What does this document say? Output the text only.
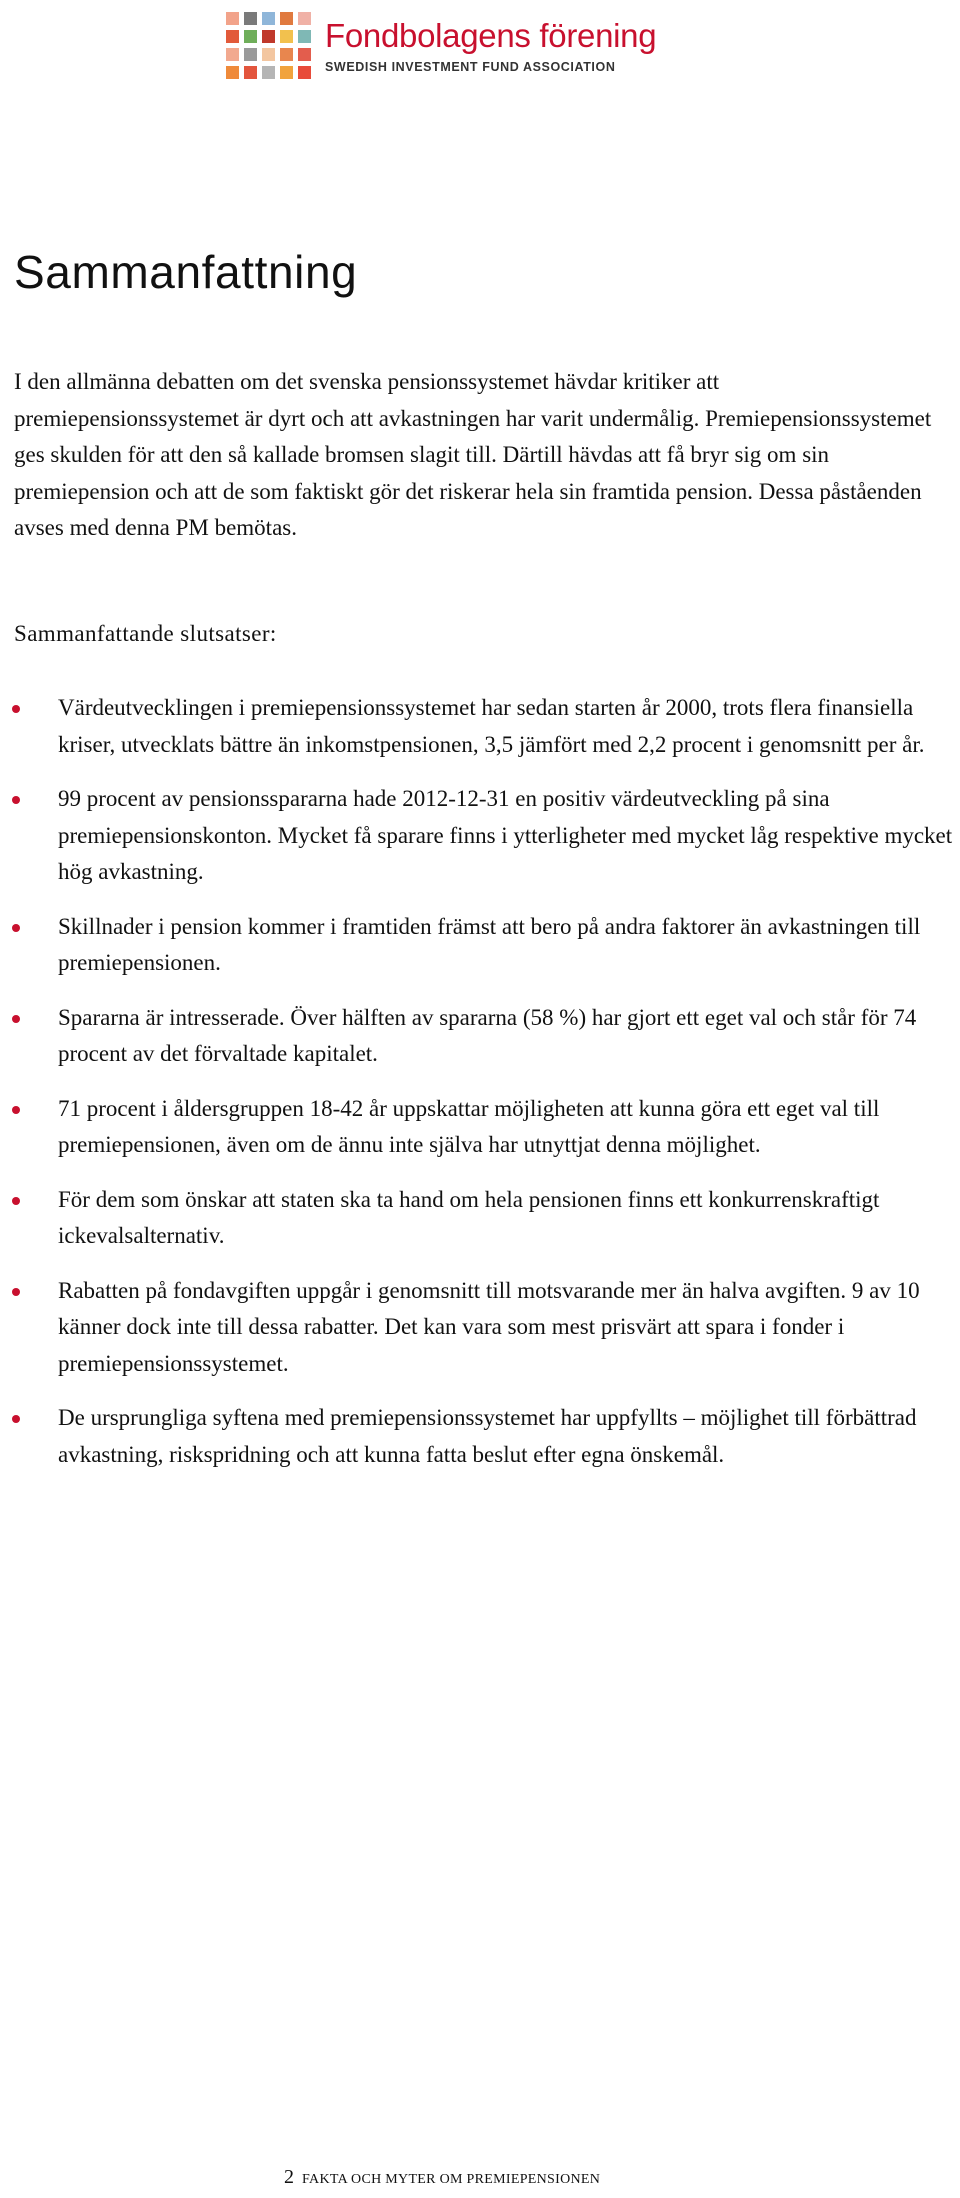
Fondbolagens förening
SWEDISH INVESTMENT FUND ASSOCIATION
Sammanfattning

I den allmänna debatten om det svenska pensionssystemet hävdar kritiker att premiepensionssystemet är dyrt och att avkastningen har varit undermålig. Premiepensionssystemet ges skulden för att den så kallade bromsen slagit till. Därtill hävdas att få bryr sig om sin premiepension och att de som faktiskt gör det riskerar hela sin framtida pension. Dessa påståenden avses med denna PM bemötas.

Sammanfattande slutsatser:

Värdeutvecklingen i premiepensionssystemet har sedan starten år 2000, trots flera finansiella kriser, utvecklats bättre än inkomstpensionen, 3,5 jämfört med 2,2 procent i genomsnitt per år.
99 procent av pensionsspararna hade 2012-12-31 en positiv värdeutveckling på sina premiepensionskonton. Mycket få sparare finns i ytterligheter med mycket låg respektive mycket hög avkastning.
Skillnader i pension kommer i framtiden främst att bero på andra faktorer än avkastningen till premiepensionen.
Spararna är intresserade. Över hälften av spararna (58 %) har gjort ett eget val och står för 74 procent av det förvaltade kapitalet.
71 procent i åldersgruppen 18-42 år uppskattar möjligheten att kunna göra ett eget val till premiepensionen, även om de ännu inte själva har utnyttjat denna möjlighet.
För dem som önskar att staten ska ta hand om hela pensionen finns ett konkurrenskraftigt ickevalsalternativ.
Rabatten på fondavgiften uppgår i genomsnitt till motsvarande mer än halva avgiften. 9 av 10 känner dock inte till dessa rabatter. Det kan vara som mest prisvärt att spara i fonder i premiepensionssystemet.
De ursprungliga syftena med premiepensionssystemet har uppfyllts – möjlighet till förbättrad avkastning, riskspridning och att kunna fatta beslut efter egna önskemål.

2 FAKTA OCH MYTER OM PREMIEPENSIONEN
